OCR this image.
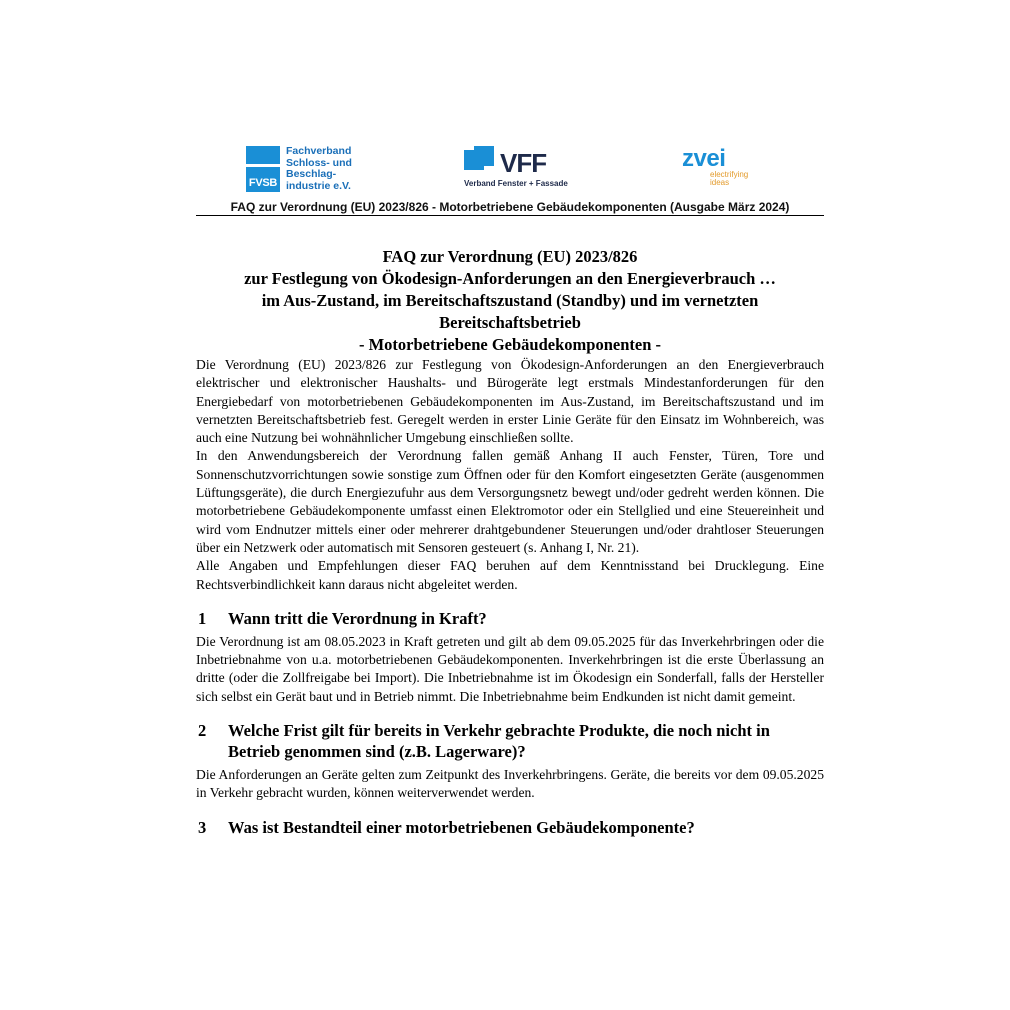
FVSB
Fachverband
Schloss- und
Beschlag-
industrie e.V.
VFF
Verband Fenster + Fassade
zvei
electrifying
ideas
FAQ zur Verordnung (EU) 2023/826 - Motorbetriebene Gebäudekomponenten (Ausgabe März 2024)
FAQ zur Verordnung (EU) 2023/826
zur Festlegung von Ökodesign-Anforderungen an den Energieverbrauch …
im Aus-Zustand, im Bereitschaftszustand (Standby) und im vernetzten
Bereitschaftsbetrieb
- Motorbetriebene Gebäudekomponenten -

Die Verordnung (EU) 2023/826 zur Festlegung von Ökodesign-Anforderungen an den Energieverbrauch elektrischer und elektronischer Haushalts- und Bürogeräte legt erstmals Mindestanforderungen für den Energiebedarf von motorbetriebenen Gebäudekomponenten im Aus-Zustand, im Bereitschaftszustand und im vernetzten Bereitschaftsbetrieb fest. Geregelt werden in erster Linie Geräte für den Einsatz im Wohnbereich, was auch eine Nutzung bei wohnähnlicher Umgebung einschließen sollte.

In den Anwendungsbereich der Verordnung fallen gemäß Anhang II auch Fenster, Türen, Tore und Sonnenschutzvorrichtungen sowie sonstige zum Öffnen oder für den Komfort eingesetzten Geräte (ausgenommen Lüftungsgeräte), die durch Energiezufuhr aus dem Versorgungsnetz bewegt und/oder gedreht werden können. Die motorbetriebene Gebäudekomponente umfasst einen Elektromotor oder ein Stellglied und eine Steuereinheit und wird vom Endnutzer mittels einer oder mehrerer drahtgebundener Steuerungen und/oder drahtloser Steuerungen über ein Netzwerk oder automatisch mit Sensoren gesteuert (s. Anhang I, Nr. 21).

Alle Angaben und Empfehlungen dieser FAQ beruhen auf dem Kenntnisstand bei Drucklegung. Eine Rechtsverbindlichkeit kann daraus nicht abgeleitet werden.

1	Wann tritt die Verordnung in Kraft?

Die Verordnung ist am 08.05.2023 in Kraft getreten und gilt ab dem 09.05.2025 für das Inverkehrbringen oder die Inbetriebnahme von u.a. motorbetriebenen Gebäudekomponenten. Inverkehrbringen ist die erste Überlassung an dritte (oder die Zollfreigabe bei Import). Die Inbetriebnahme ist im Ökodesign ein Sonderfall, falls der Hersteller sich selbst ein Gerät baut und in Betrieb nimmt. Die Inbetriebnahme beim Endkunden ist nicht damit gemeint.

2	Welche Frist gilt für bereits in Verkehr gebrachte Produkte, die noch nicht in Betrieb genommen sind (z.B. Lagerware)?

Die Anforderungen an Geräte gelten zum Zeitpunkt des Inverkehrbringens. Geräte, die bereits vor dem 09.05.2025 in Verkehr gebracht wurden, können weiterverwendet werden.

3	Was ist Bestandteil einer motorbetriebenen Gebäudekomponente?
